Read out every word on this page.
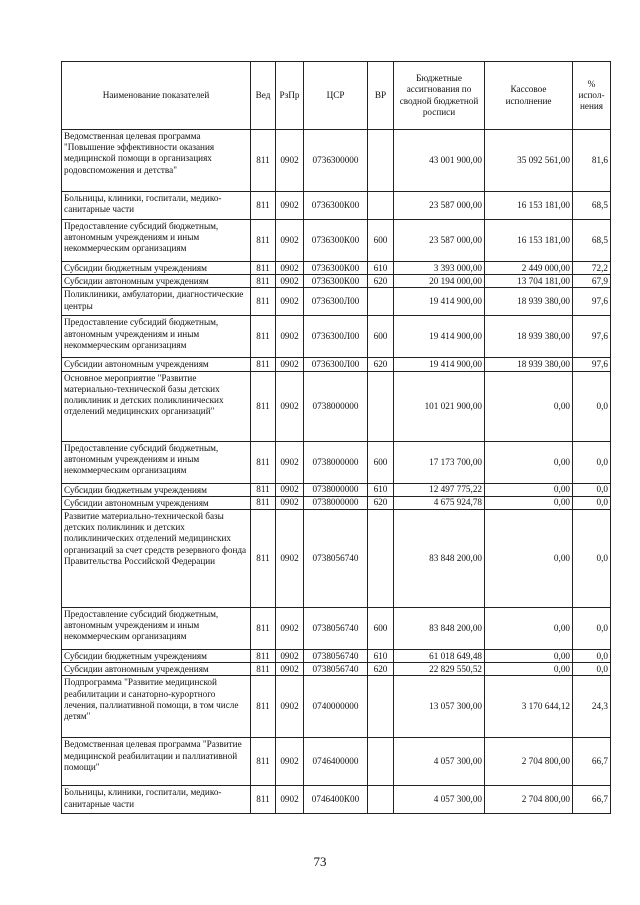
Наименование показателей	Вед	РзПр	ЦСР	ВР	Бюджетные ассигнования по сводной бюджетной росписи	Кассовое исполнение	% испол-нения
Ведомственная целевая программа "Повышение эффективности оказания медицинской помощи в организациях родовспоможения и детства"	811	0902	0736300000		43 001 900,00	35 092 561,00	81,6
Больницы, клиники, госпитали, медико-санитарные части	811	0902	0736300К00		23 587 000,00	16 153 181,00	68,5
Предоставление субсидий бюджетным, автономным учреждениям и иным некоммерческим организациям	811	0902	0736300К00	600	23 587 000,00	16 153 181,00	68,5
Субсидии бюджетным учреждениям	811	0902	0736300К00	610	3 393 000,00	2 449 000,00	72,2
Субсидии автономным учреждениям	811	0902	0736300К00	620	20 194 000,00	13 704 181,00	67,9
Поликлиники, амбулатории, диагностические центры	811	0902	0736300Л00		19 414 900,00	18 939 380,00	97,6
Предоставление субсидий бюджетным, автономным учреждениям и иным некоммерческим организациям	811	0902	0736300Л00	600	19 414 900,00	18 939 380,00	97,6
Субсидии автономным учреждениям	811	0902	0736300Л00	620	19 414 900,00	18 939 380,00	97,6
Основное мероприятие "Развитие материально-технической базы детских поликлиник и детских поликлинических отделений медицинских организаций"	811	0902	0738000000		101 021 900,00	0,00	0,0
Предоставление субсидий бюджетным, автономным учреждениям и иным некоммерческим организациям	811	0902	0738000000	600	17 173 700,00	0,00	0,0
Субсидии бюджетным учреждениям	811	0902	0738000000	610	12 497 775,22	0,00	0,0
Субсидии автономным учреждениям	811	0902	0738000000	620	4 675 924,78	0,00	0,0
Развитие материально-технической базы детских поликлиник и детских поликлинических отделений медицинских организаций за счет средств резервного фонда Правительства Российской Федерации	811	0902	0738056740		83 848 200,00	0,00	0,0
Предоставление субсидий бюджетным, автономным учреждениям и иным некоммерческим организациям	811	0902	0738056740	600	83 848 200,00	0,00	0,0
Субсидии бюджетным учреждениям	811	0902	0738056740	610	61 018 649,48	0,00	0,0
Субсидии автономным учреждениям	811	0902	0738056740	620	22 829 550,52	0,00	0,0
Подпрограмма "Развитие медицинской реабилитации и санаторно-курортного лечения, паллиативной помощи, в том числе детям"	811	0902	0740000000		13 057 300,00	3 170 644,12	24,3
Ведомственная целевая программа "Развитие медицинской реабилитации и паллиативной помощи"	811	0902	0746400000		4 057 300,00	2 704 800,00	66,7
Больницы, клиники, госпитали, медико-санитарные части	811	0902	0746400К00		4 057 300,00	2 704 800,00	66,7
73
